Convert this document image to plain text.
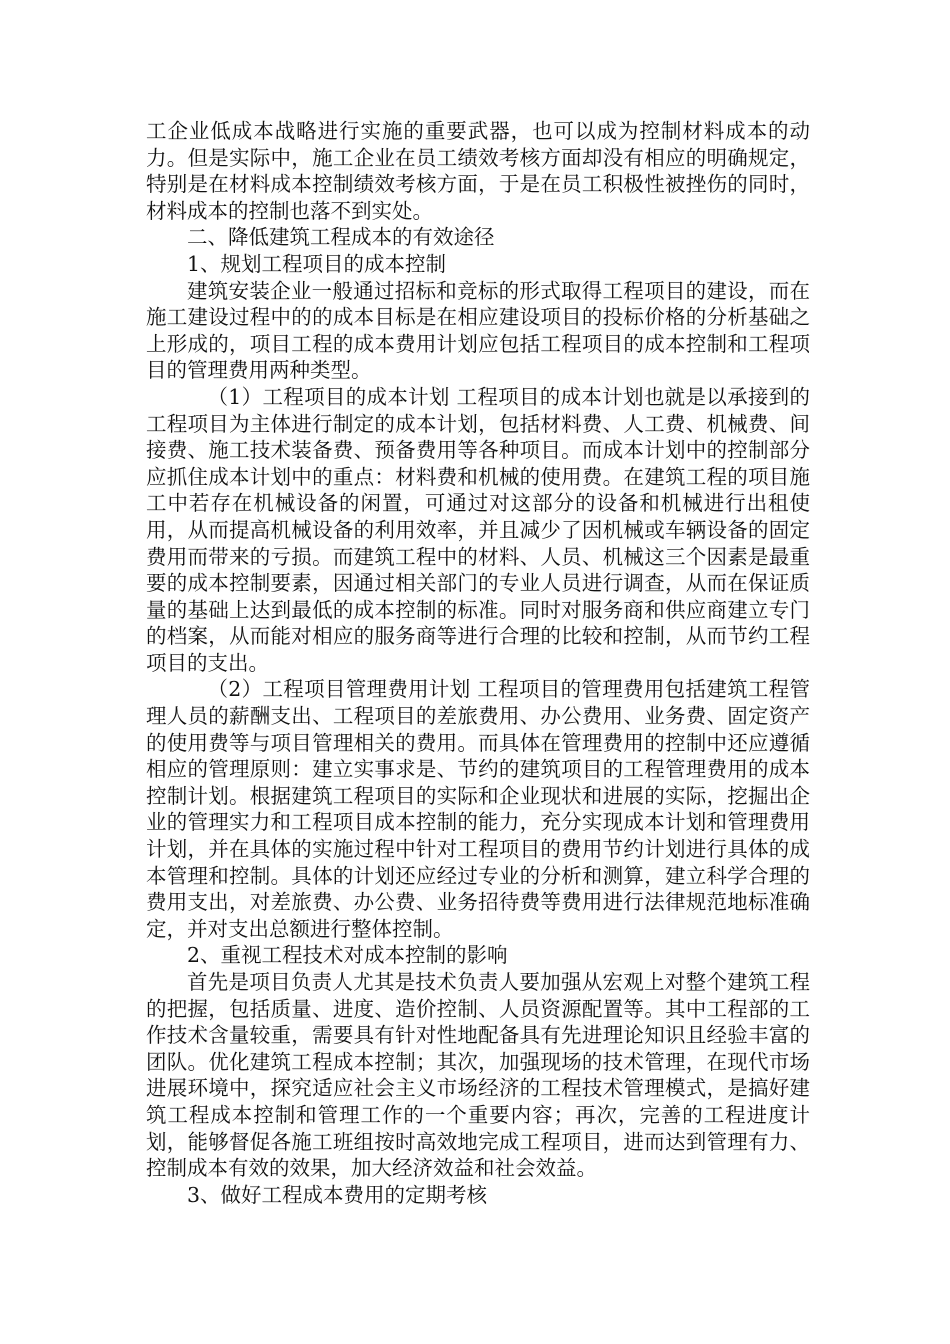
工企业低成本战略进行实施的重要武器，也可以成为控制材料成本的动力。但是实际中，施工企业在员工绩效考核方面却没有相应的明确规定，特别是在材料成本控制绩效考核方面，于是在员工积极性被挫伤的同时，材料成本的控制也落不到实处。

二、降低建筑工程成本的有效途径

1、规划工程项目的成本控制

建筑安装企业一般通过招标和竞标的形式取得工程项目的建设，而在施工建设过程中的的成本目标是在相应建设项目的投标价格的分析基础之上形成的，项目工程的成本费用计划应包括工程项目的成本控制和工程项目的管理费用两种类型。

（1）工程项目的成本计划 工程项目的成本计划也就是以承接到的工程项目为主体进行制定的成本计划，包括材料费、人工费、机械费、间接费、施工技术装备费、预备费用等各种项目。而成本计划中的控制部分应抓住成本计划中的重点：材料费和机械的使用费。在建筑工程的项目施工中若存在机械设备的闲置，可通过对这部分的设备和机械进行出租使用，从而提高机械设备的利用效率，并且减少了因机械或车辆设备的固定费用而带来的亏损。而建筑工程中的材料、人员、机械这三个因素是最重要的成本控制要素，因通过相关部门的专业人员进行调查，从而在保证质量的基础上达到最低的成本控制的标准。同时对服务商和供应商建立专门的档案，从而能对相应的服务商等进行合理的比较和控制，从而节约工程项目的支出。

（2）工程项目管理费用计划 工程项目的管理费用包括建筑工程管理人员的薪酬支出、工程项目的差旅费用、办公费用、业务费、固定资产的使用费等与项目管理相关的费用。而具体在管理费用的控制中还应遵循相应的管理原则：建立实事求是、节约的建筑项目的工程管理费用的成本控制计划。根据建筑工程项目的实际和企业现状和进展的实际，挖掘出企业的管理实力和工程项目成本控制的能力，充分实现成本计划和管理费用计划，并在具体的实施过程中针对工程项目的费用节约计划进行具体的成本管理和控制。具体的计划还应经过专业的分析和测算，建立科学合理的费用支出，对差旅费、办公费、业务招待费等费用进行法律规范地标准确定，并对支出总额进行整体控制。

2、重视工程技术对成本控制的影响

首先是项目负责人尤其是技术负责人要加强从宏观上对整个建筑工程的把握，包括质量、进度、造价控制、人员资源配置等。其中工程部的工作技术含量较重，需要具有针对性地配备具有先进理论知识且经验丰富的团队。优化建筑工程成本控制；其次，加强现场的技术管理，在现代市场进展环境中，探究适应社会主义市场经济的工程技术管理模式，是搞好建筑工程成本控制和管理工作的一个重要内容；再次，完善的工程进度计划，能够督促各施工班组按时高效地完成工程项目，进而达到管理有力、控制成本有效的效果，加大经济效益和社会效益。

3、做好工程成本费用的定期考核
